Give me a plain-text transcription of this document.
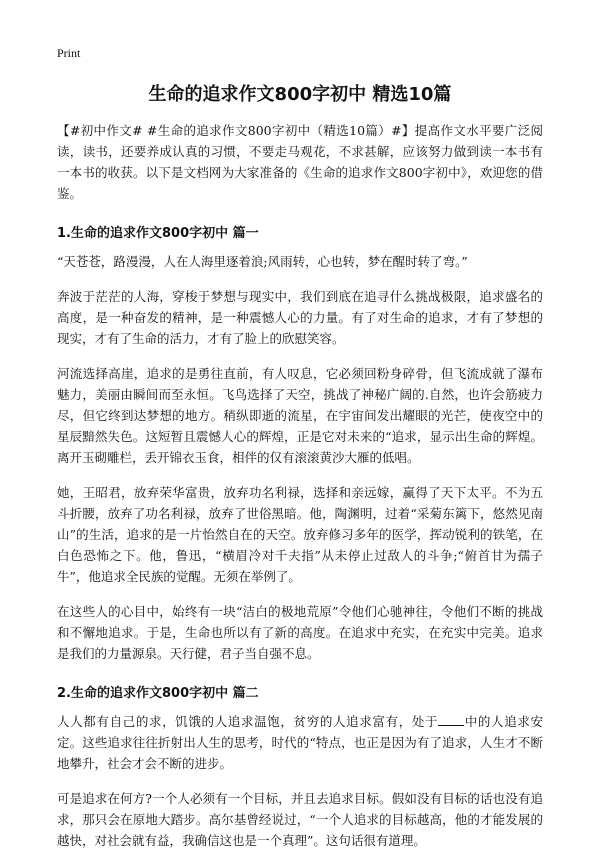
Print
生命的追求作文800字初中 精选10篇

【#初中作文# #生命的追求作文800字初中（精选10篇）#】提高作文水平要广泛阅读，读书，还要养成认真的习惯，不要走马观花，不求甚解，应该努力做到读一本书有一本书的收获。以下是文档网为大家准备的《生命的追求作文800字初中》，欢迎您的借鉴。

1.生命的追求作文800字初中 篇一

“天苍苍，路漫漫，人在人海里逐着浪;风雨转，心也转，梦在醒时转了弯。”

奔波于茫茫的人海，穿梭于梦想与现实中，我们到底在追寻什么挑战极限，追求盛名的高度，是一种奋发的精神，是一种震憾人心的力量。有了对生命的追求，才有了梦想的现实，才有了生命的活力，才有了脸上的欣慰笑容。

河流选择高崖，追求的是勇往直前，有人叹息，它必须回粉身碎骨，但飞流成就了瀑布魅力，美丽由瞬间而至永恒。飞鸟选择了天空，挑战了神秘广阔的.自然，也许会筋疲力尽，但它终到达梦想的地方。稍纵即逝的流星，在宇宙间发出耀眼的光芒，使夜空中的星辰黯然失色。这短暂且震憾人心的辉煌，正是它对未来的“追求，显示出生命的辉煌。离开玉砌雕栏，丢开锦衣玉食，相伴的仅有滚滚黄沙大雁的低唱。

她，王昭君，放弃荣华富贵，放弃功名利禄，选择和亲远嫁，赢得了天下太平。不为五斗折腰，放弃了功名利禄，放弃了世俗黑暗。他，陶渊明，过着“采菊东篱下，悠然见南山”的生活，追求的是一片怡然自在的天空。放弃修习多年的医学，挥动锐利的铁笔，在白色恐怖之下。他，鲁迅，“横眉冷对千夫指”从未停止过敌人的斗争;“俯首甘为孺子牛”，他追求全民族的觉醒。无须在举例了。

在这些人的心目中，始终有一块“洁白的极地荒原”令他们心驰神往，令他们不断的挑战和不懈地追求。于是，生命也所以有了新的高度。在追求中充实，在充实中完美。追求是我们的力量源泉。天行健，君子当自强不息。

2.生命的追求作文800字初中 篇二

人人都有自己的求，饥饿的人追求温饱，贫穷的人追求富有，处于 中的人追求安定。这些追求往往折射出人生的思考，时代的“特点，也正是因为有了追求，人生才不断地攀升，社会才会不断的进步。

可是追求在何方?一个人必须有一个目标，并且去追求目标。假如没有目标的话也没有追求，那只会在原地大踏步。高尔基曾经说过，“一个人追求的目标越高，他的才能发展的越快，对社会就有益，我确信这也是一个真理”。这句话很有道理。
